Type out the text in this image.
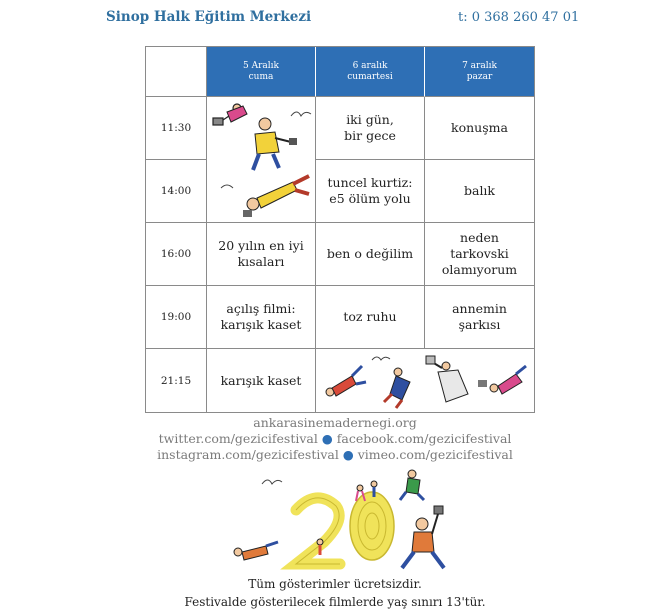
Sinop Halk Eğitim Merkezi	t: 0 368 260 47 01
5 Aralık
cuma
6 aralık
cumartesi
7 aralık
pazar
11:30
iki gün,
bir gece
konuşma
14:00
tuncel kurtiz:
e5 ölüm yolu
balık
16:00
20 yılın en iyi
kısaları
ben o değilim
neden tarkovski
olamıyorum
19:00
açılış filmi:
karışık kaset
toz ruhu
annemin
şarkısı
21:15	karışık kaset
ankarasinemadernegi.org
twitter.com/gezicifestival ● facebook.com/gezicifestival
instagram.com/gezicifestival ● vimeo.com/gezicifestival
Tüm gösterimler ücretsizdir.
Festivalde gösterilecek filmlerde yaş sınırı 13'tür.
